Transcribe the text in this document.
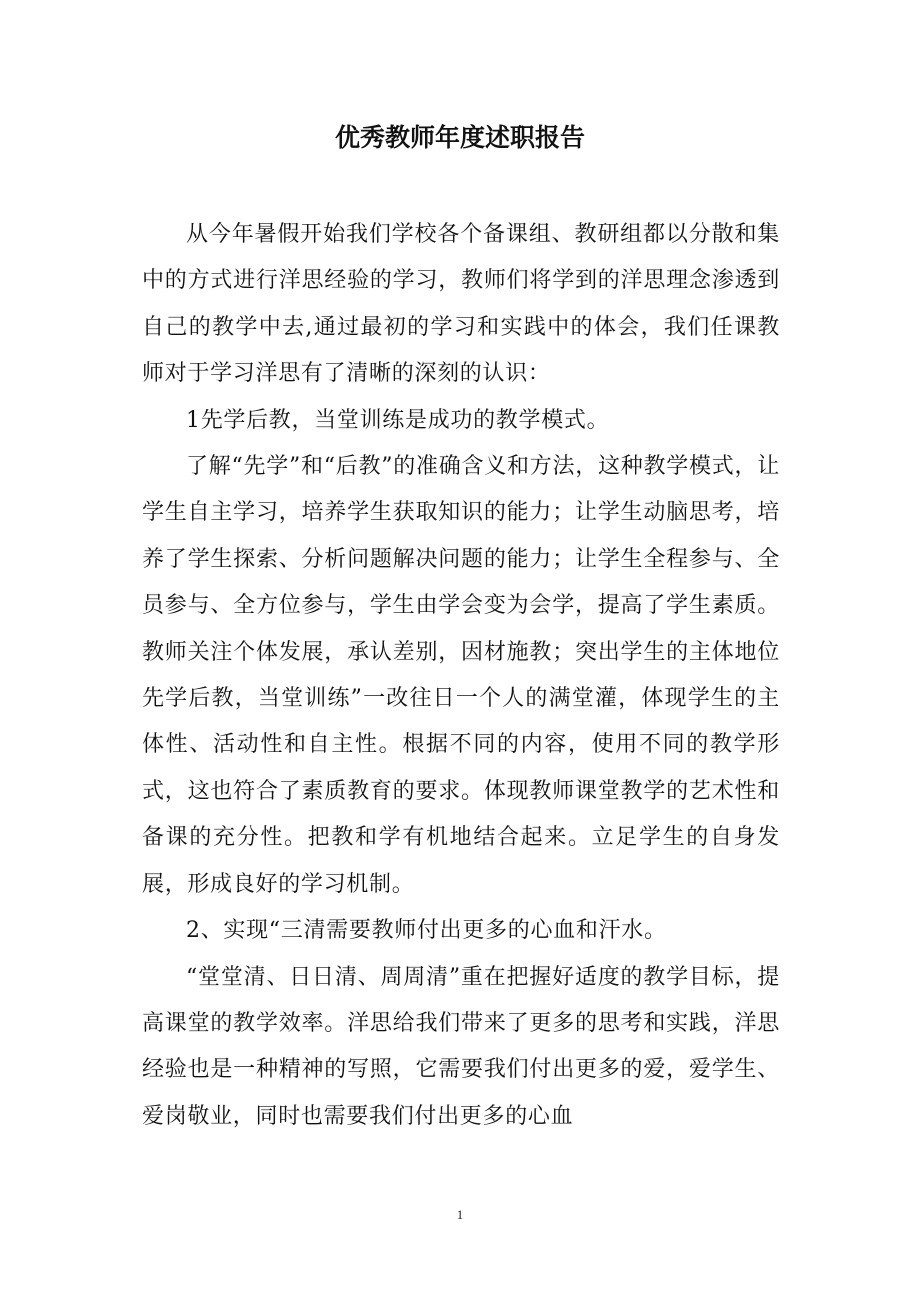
优秀教师年度述职报告

从今年暑假开始我们学校各个备课组、教研组都以分散和集中的方式进行洋思经验的学习，教师们将学到的洋思理念渗透到自己的教学中去,通过最初的学习和实践中的体会，我们任课教师对于学习洋思有了清晰的深刻的认识：

1先学后教，当堂训练是成功的教学模式。

了解“先学”和“后教”的准确含义和方法，这种教学模式，让学生自主学习，培养学生获取知识的能力；让学生动脑思考，培养了学生探索、分析问题解决问题的能力；让学生全程参与、全员参与、全方位参与，学生由学会变为会学，提高了学生素质。教师关注个体发展，承认差别，因材施教；突出学生的主体地位先学后教，当堂训练”一改往日一个人的满堂灌，体现学生的主体性、活动性和自主性。根据不同的内容，使用不同的教学形式，这也符合了素质教育的要求。体现教师课堂教学的艺术性和备课的充分性。把教和学有机地结合起来。立足学生的自身发展，形成良好的学习机制。

2、实现“三清需要教师付出更多的心血和汗水。

“堂堂清、日日清、周周清”重在把握好适度的教学目标，提高课堂的教学效率。洋思给我们带来了更多的思考和实践，洋思经验也是一种精神的写照，它需要我们付出更多的爱，爱学生、爱岗敬业，同时也需要我们付出更多的心血

1
